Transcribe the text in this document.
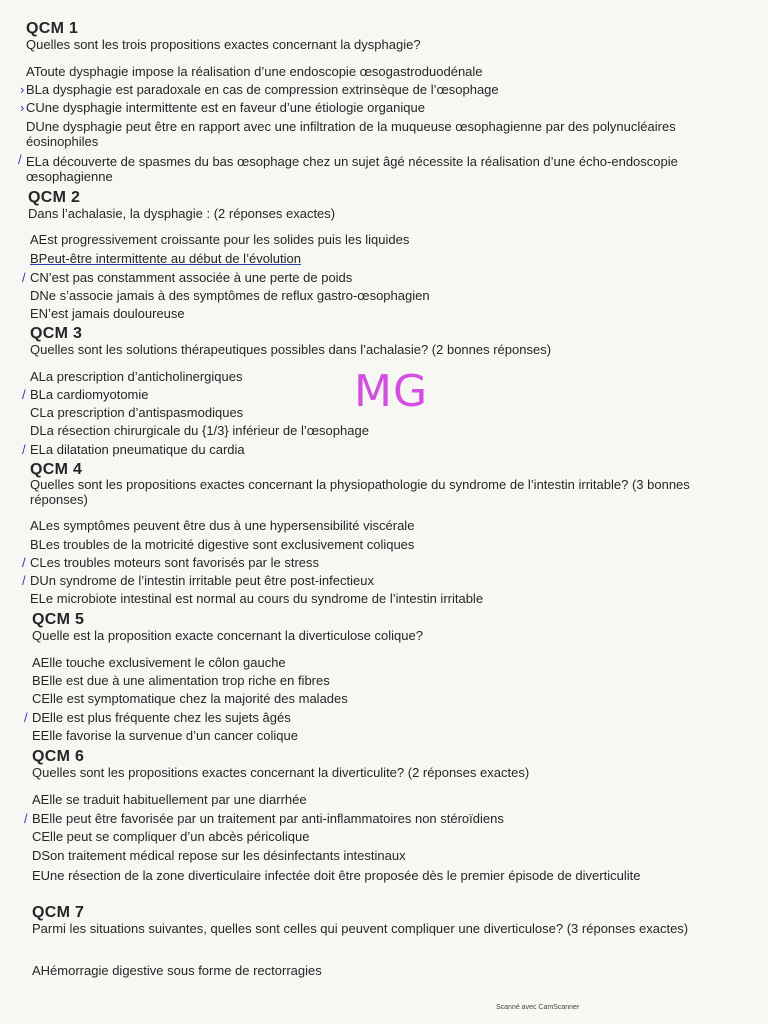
QCM 1
Quelles sont les trois propositions exactes concernant la dysphagie?
AToute dysphagie impose la réalisation d’une endoscopie œsogastroduodénale
› BLa dysphagie est paradoxale en cas de compression extrinsèque de l’œsophage
› CUne dysphagie intermittente est en faveur d’une étiologie organique
DUne dysphagie peut être en rapport avec une infiltration de la muqueuse œsophagienne par des polynucléaires éosinophiles
/ ELa découverte de spasmes du bas œsophage chez un sujet âgé nécessite la réalisation d’une écho-endoscopie œsophagienne
QCM 2
Dans l’achalasie, la dysphagie : (2 réponses exactes)
AEst progressivement croissante pour les solides puis les liquides
BPeut-être intermittente au début de l’évolution
/ CN’est pas constamment associée à une perte de poids
DNe s’associe jamais à des symptômes de reflux gastro-œsophagien
EN’est jamais douloureuse
QCM 3
Quelles sont les solutions thérapeutiques possibles dans l’achalasie? (2 bonnes réponses)
ALa prescription d’anticholinergiques
/ BLa cardiomyotomie
CLa prescription d’antispasmodiques
DLa résection chirurgicale du {1/3} inférieur de l’œsophage
/ ELa dilatation pneumatique du cardia
MG
QCM 4
Quelles sont les propositions exactes concernant la physiopathologie du syndrome de l’intestin irritable? (3 bonnes réponses)
ALes symptômes peuvent être dus à une hypersensibilité viscérale
BLes troubles de la motricité digestive sont exclusivement coliques
/ CLes troubles moteurs sont favorisés par le stress
/ DUn syndrome de l’intestin irritable peut être post-infectieux
ELe microbiote intestinal est normal au cours du syndrome de l’intestin irritable
QCM 5
Quelle est la proposition exacte concernant la diverticulose colique?
AElle touche exclusivement le côlon gauche
BElle est due à une alimentation trop riche en fibres
CElle est symptomatique chez la majorité des malades
/ DElle est plus fréquente chez les sujets âgés
EElle favorise la survenue d’un cancer colique
QCM 6
Quelles sont les propositions exactes concernant la diverticulite? (2 réponses exactes)
AElle se traduit habituellement par une diarrhée
/ BElle peut être favorisée par un traitement par anti-inflammatoires non stéroïdiens
CElle peut se compliquer d’un abcès péricolique
DSon traitement médical repose sur les désinfectants intestinaux
EUne résection de la zone diverticulaire infectée doit être proposée dès le premier épisode de diverticulite
QCM 7
Parmi les situations suivantes, quelles sont celles qui peuvent compliquer une diverticulose? (3 réponses exactes)
AHémorragie digestive sous forme de rectorragies
Scanné avec CamScanner
